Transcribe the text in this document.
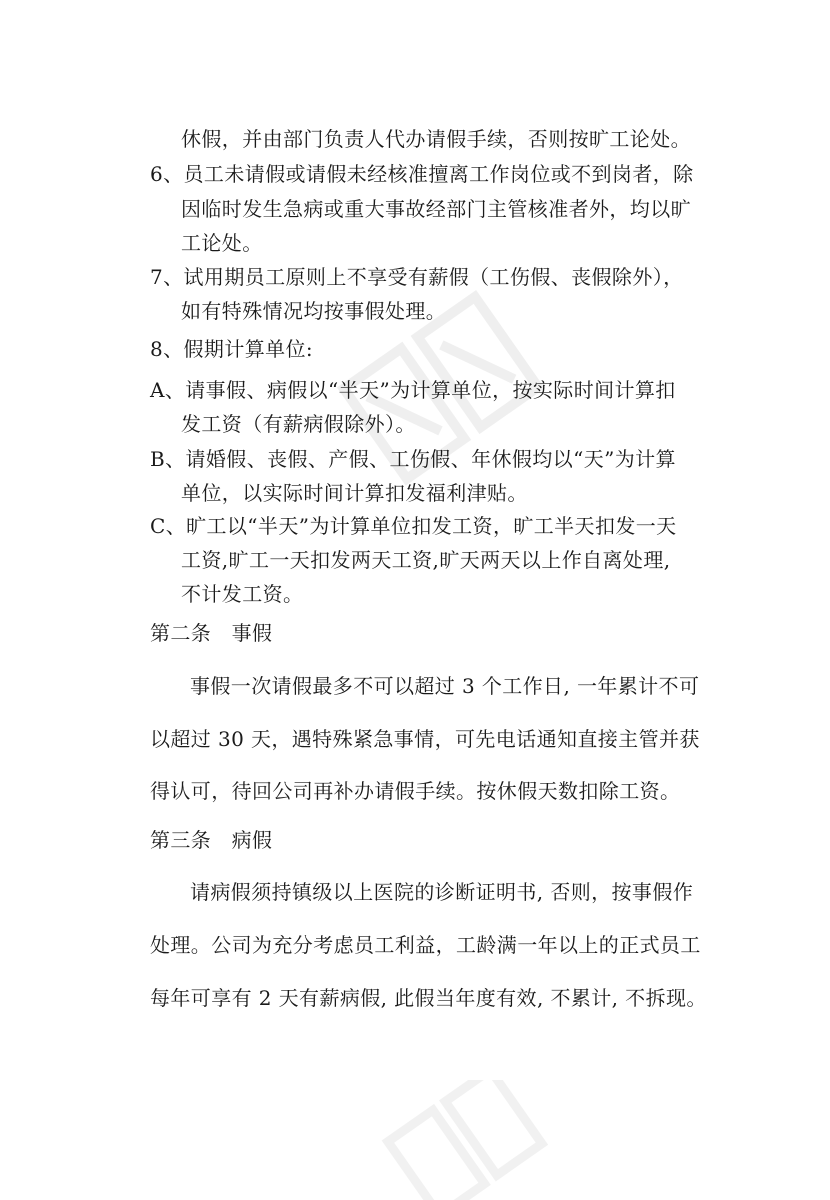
休假，并由部门负责人代办请假手续，否则按旷工论处。
6、员工未请假或请假未经核准擅离工作岗位或不到岗者，除
因临时发生急病或重大事故经部门主管核准者外，均以旷
工论处。
7、试用期员工原则上不享受有薪假（工伤假、丧假除外），
如有特殊情况均按事假处理。
8、假期计算单位:
A、请事假、病假以“半天”为计算单位，按实际时间计算扣
发工资（有薪病假除外）。
B、请婚假、丧假、产假、工伤假、年休假均以“天”为计算
单位，以实际时间计算扣发福利津贴。
C、旷工以“半天”为计算单位扣发工资，旷工半天扣发一天
工资,旷工一天扣发两天工资,旷天两天以上作自离处理,
不计发工资。
第二条　事假
事假一次请假最多不可以超过 3 个工作日, 一年累计不可
以超过 30 天，遇特殊紧急事情，可先电话通知直接主管并获
得认可，待回公司再补办请假手续。按休假天数扣除工资。
第三条　病假
请病假须持镇级以上医院的诊断证明书, 否则，按事假作
处理。公司为充分考虑员工利益，工龄满一年以上的正式员工
每年可享有 2 天有薪病假, 此假当年度有效, 不累计, 不拆现。
